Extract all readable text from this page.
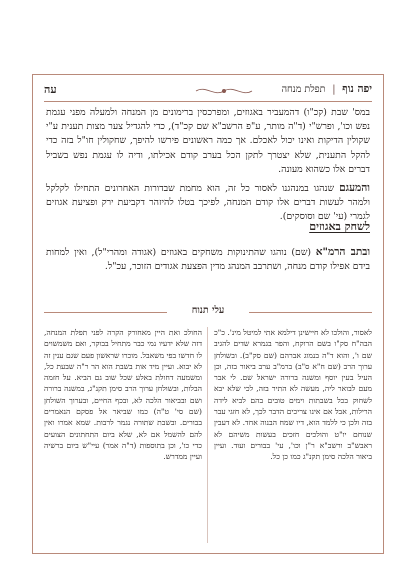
יפה נוף | תפלת מנחה
עה

במס' שבת (קכ"ו) דהמעביר באגוזים, ומפרכסין ברימונים מן המנחה ולמעלה מפני עגמת נפש וכו', ופרש"י (ד"ה מותר, ע"פ הרשב"א שם קכ"ד), כדי להגדיל צער מצות תענית ע"י שקולין הדיקות ואינו יכול לאכלם. אך כמה ראשונים פירשו להיפך, שחקולין חו"ל בזה כדי להקל התענית, שלא יצטרך לתקן הכל בערב קודם אכילתו, ודיה לו עגמת נפש בשביל דברים אלו כשהוא מעונה.

והמעגם שנהגו במנהגנו לאסור כל זה, הוא מחמת שבדורות האחרונים התחילו לקלקל ולמהר לעשות דברים אלו קודם המנחה, לפיכך בטלו להיזהר דקביעת ירק ופציעת אגוזים לגמרי (עי' שם וסוסקים).

לשחק באגוזים

ובתב הרמ"א (שם) נוהגו שהתינוקות משחקים באגוזים (אגודה ומהרי"ל), ואין למחות בידם אפילו קודם מנחה, ושתרבב המנהג מדין הפצעת אגודים הזוכר, עכ"ל.

עלי תנוח
לאסור, והולכו לא חיישינן דילמא אתי למיטל מינ'. כ"כ הבה"ח סק"ו בשם הרוקח, והפר בגמרא שדים להגיב שם ו', והוא ד"ה בנמוג אברהם (שם סק"ב). ובשולחן ערוך הרב (שם ח"א ס"ב) ברמ"ב ערב ביאור בזה, וכן העיל בעין יוסף ומשנה ברורה ישראל שם. לי אבר מעם לבואר ליה, מעשה לא התיר בזה, לכי שלא יבא לשחוק בכל בשבתות וימים טובים בהם לביא לידה הרילות, אבל אם אינו צריכים הדבר לכך, לא חזגי עבר בזה ולכן כי ללמד הוא, דיו שמח הבנוה אחד. לא דעבין שנוחם יו"ט והולכים חזכים בעשות משיהם לא ראבש"ב ורשב"א ר"ן וכו', עי' בבורים ועוד. ועיין ביאור הלכה סימן תקנ"ג כמו כן כל.
החולכ ואת היין מאחורק הקרה לפני תפלת המנחה, דזה שלא ידעיו נמי כבר מתחיל בבוקר, ואם משמשוים לו חדשו בפי משאבל. מוכרו שראשון פעם שגם ענין זה לא יבוא. ועיין מיד אות בשבת הוא הר ר"ה שבעת כל, ומשמעה דחולת באלע שכל שוב גם הביא. על חזמה הבלות, ובשולחן ערוך הרב סימן תקנ"ג, במשנה ברורה ושם ובביאור הלכה לא, ובכף החיים, ובערוך השולחן (שם סי' ט"ה) כמו שביאר אל פסקם הנאמרים בבורים. ובשבת שתורה נגמר לרבות. שמא אמרו ואין להם להשמל אם לא, שלא ביום התחתונים הצועים כדי כו', וכן בתוספות (ד"ה אמר) עיי"ש ביום ברשיה ועיין ממדרש.
